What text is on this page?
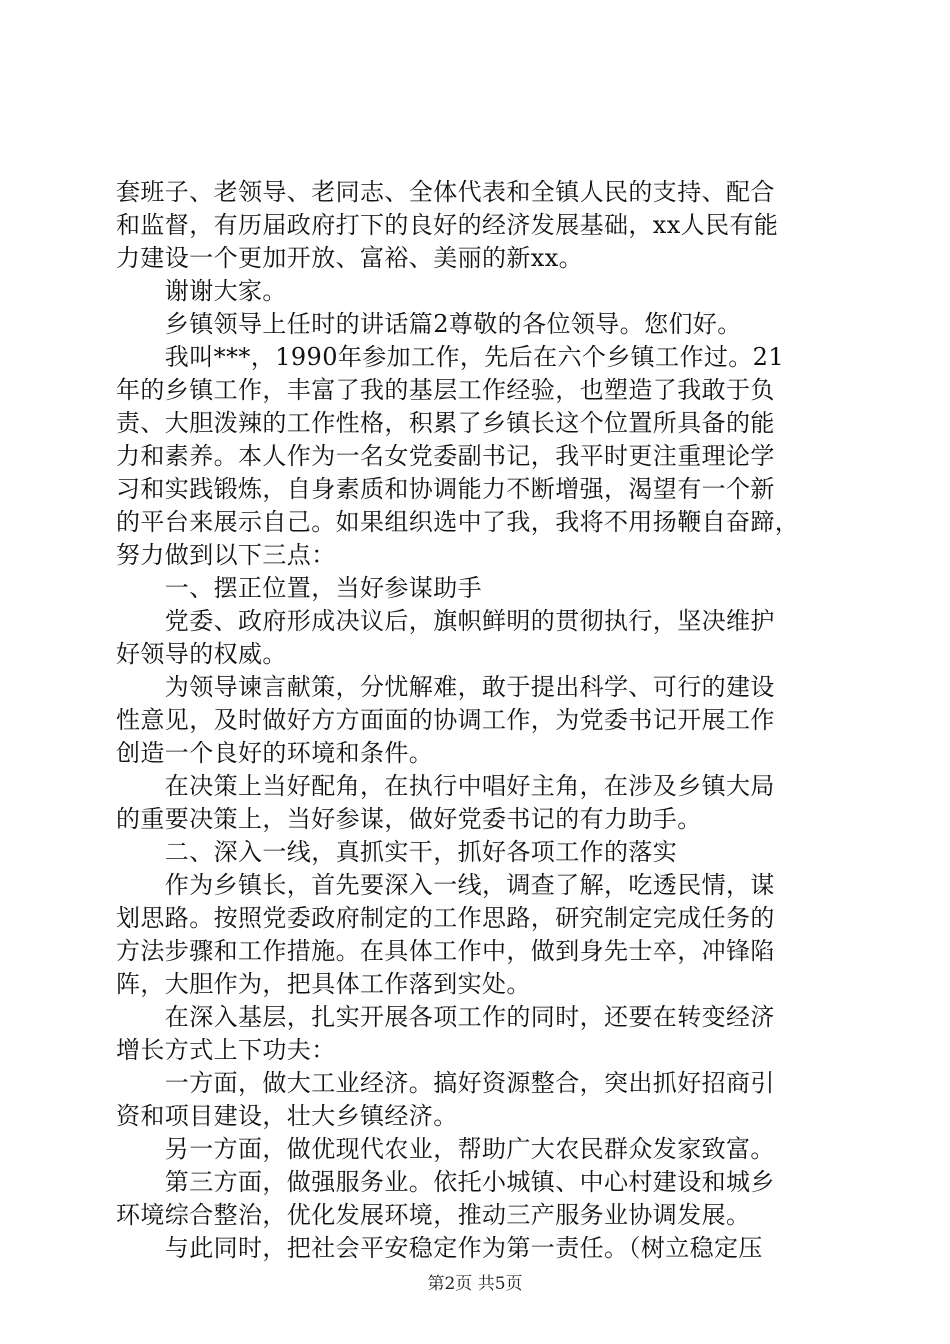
套班子、老领导、老同志、全体代表和全镇人民的支持、配合
和监督，有历届政府打下的良好的经济发展基础，xx人民有能
力建设一个更加开放、富裕、美丽的新xx。
　　谢谢大家。
　　乡镇领导上任时的讲话篇2尊敬的各位领导。您们好。
　　我叫***，1990年参加工作，先后在六个乡镇工作过。21
年的乡镇工作，丰富了我的基层工作经验，也塑造了我敢于负
责、大胆泼辣的工作性格，积累了乡镇长这个位置所具备的能
力和素养。本人作为一名女党委副书记，我平时更注重理论学
习和实践锻炼，自身素质和协调能力不断增强，渴望有一个新
的平台来展示自己。如果组织选中了我，我将不用扬鞭自奋蹄，
努力做到以下三点：
　　一、摆正位置，当好参谋助手
　　党委、政府形成决议后，旗帜鲜明的贯彻执行，坚决维护
好领导的权威。
　　为领导谏言献策，分忧解难，敢于提出科学、可行的建设
性意见，及时做好方方面面的协调工作，为党委书记开展工作
创造一个良好的环境和条件。
　　在决策上当好配角，在执行中唱好主角，在涉及乡镇大局
的重要决策上，当好参谋，做好党委书记的有力助手。
　　二、深入一线，真抓实干，抓好各项工作的落实
　　作为乡镇长，首先要深入一线，调查了解，吃透民情，谋
划思路。按照党委政府制定的工作思路，研究制定完成任务的
方法步骤和工作措施。在具体工作中，做到身先士卒，冲锋陷
阵，大胆作为，把具体工作落到实处。
　　在深入基层，扎实开展各项工作的同时，还要在转变经济
增长方式上下功夫：
　　一方面，做大工业经济。搞好资源整合，突出抓好招商引
资和项目建设，壮大乡镇经济。
　　另一方面，做优现代农业，帮助广大农民群众发家致富。
　　第三方面，做强服务业。依托小城镇、中心村建设和城乡
环境综合整治，优化发展环境，推动三产服务业协调发展。
　　与此同时，把社会平安稳定作为第一责任。（树立稳定压
第2页 共5页
